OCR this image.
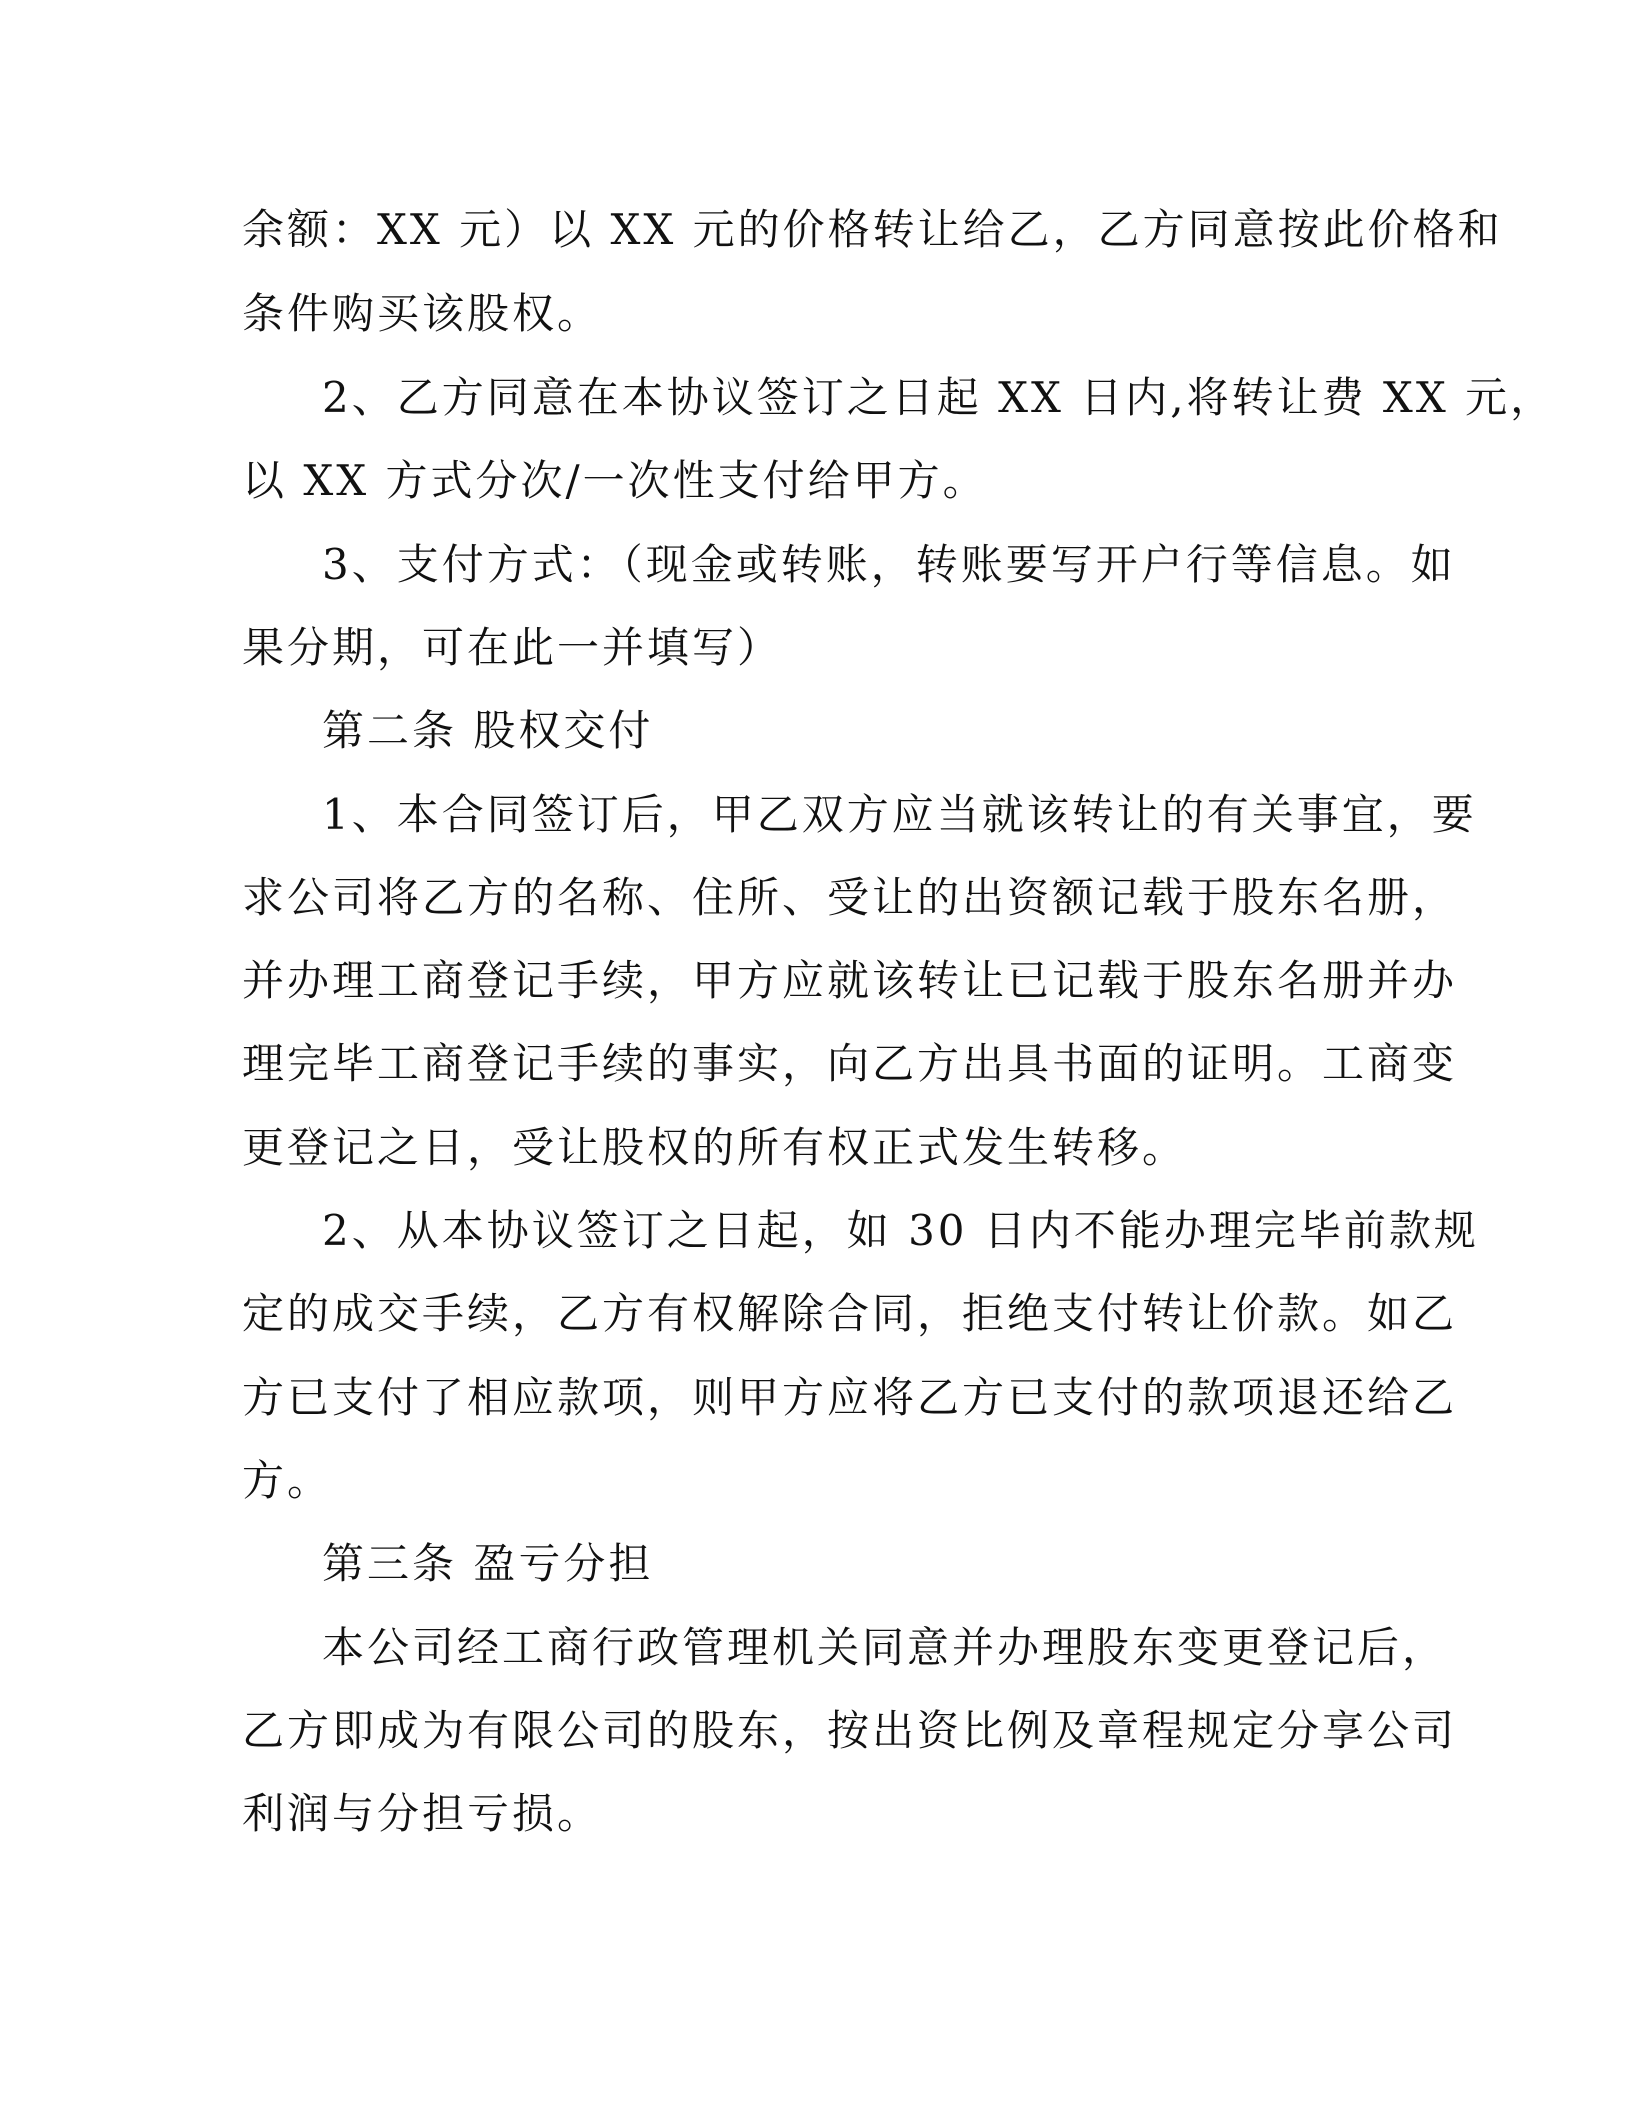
余额：XX 元）以 XX 元的价格转让给乙，乙方同意按此价格和
条件购买该股权。
2、乙方同意在本协议签订之日起 XX 日内,将转让费 XX 元，
以 XX 方式分次/一次性支付给甲方。
3、支付方式：（现金或转账，转账要写开户行等信息。如
果分期，可在此一并填写）
第二条 股权交付
1、本合同签订后，甲乙双方应当就该转让的有关事宜，要
求公司将乙方的名称、住所、受让的出资额记载于股东名册，
并办理工商登记手续，甲方应就该转让已记载于股东名册并办
理完毕工商登记手续的事实，向乙方出具书面的证明。工商变
更登记之日，受让股权的所有权正式发生转移。
2、从本协议签订之日起，如 30 日内不能办理完毕前款规
定的成交手续，乙方有权解除合同，拒绝支付转让价款。如乙
方已支付了相应款项，则甲方应将乙方已支付的款项退还给乙
方。
第三条 盈亏分担
本公司经工商行政管理机关同意并办理股东变更登记后，
乙方即成为有限公司的股东，按出资比例及章程规定分享公司
利润与分担亏损。
